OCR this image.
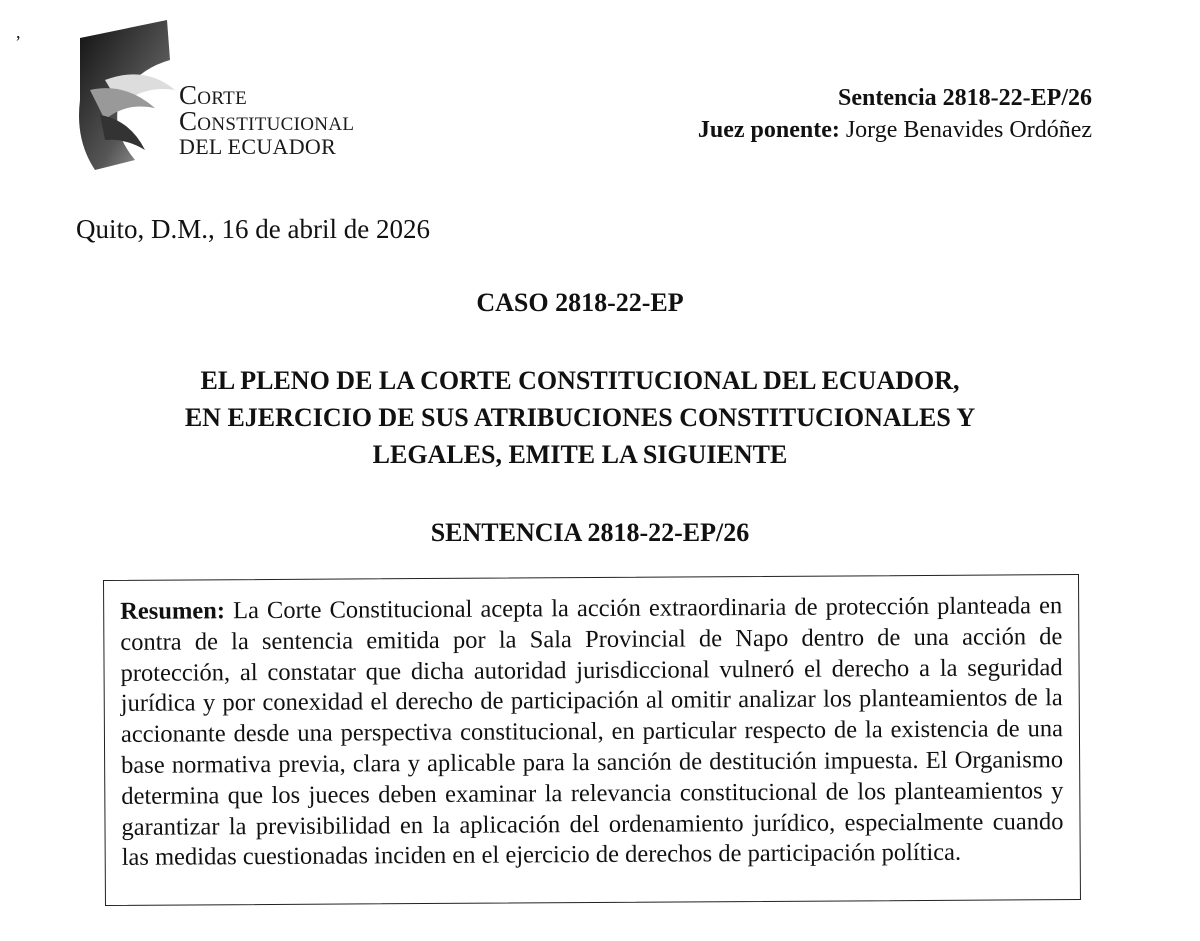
,
Corte
Constitucional
DEL ECUADOR
Sentencia 2818-22-EP/26
Juez ponente: Jorge Benavides Ordóñez
Quito, D.M., 16 de abril de 2026
CASO 2818-22-EP
EL PLENO DE LA CORTE CONSTITUCIONAL DEL ECUADOR,
EN EJERCICIO DE SUS ATRIBUCIONES CONSTITUCIONALES Y
LEGALES, EMITE LA SIGUIENTE
SENTENCIA 2818-22-EP/26
Resumen: La Corte Constitucional acepta la acción extraordinaria de protección planteada en contra de la sentencia emitida por la Sala Provincial de Napo dentro de una acción de protección, al constatar que dicha autoridad jurisdiccional vulneró el derecho a la seguridad jurídica y por conexidad el derecho de participación al omitir analizar los planteamientos de la accionante desde una perspectiva constitucional, en particular respecto de la existencia de una base normativa previa, clara y aplicable para la sanción de destitución impuesta. El Organismo determina que los jueces deben examinar la relevancia constitucional de los planteamientos y garantizar la previsibilidad en la aplicación del ordenamiento jurídico, especialmente cuando las medidas cuestionadas inciden en el ejercicio de derechos de participación política.
